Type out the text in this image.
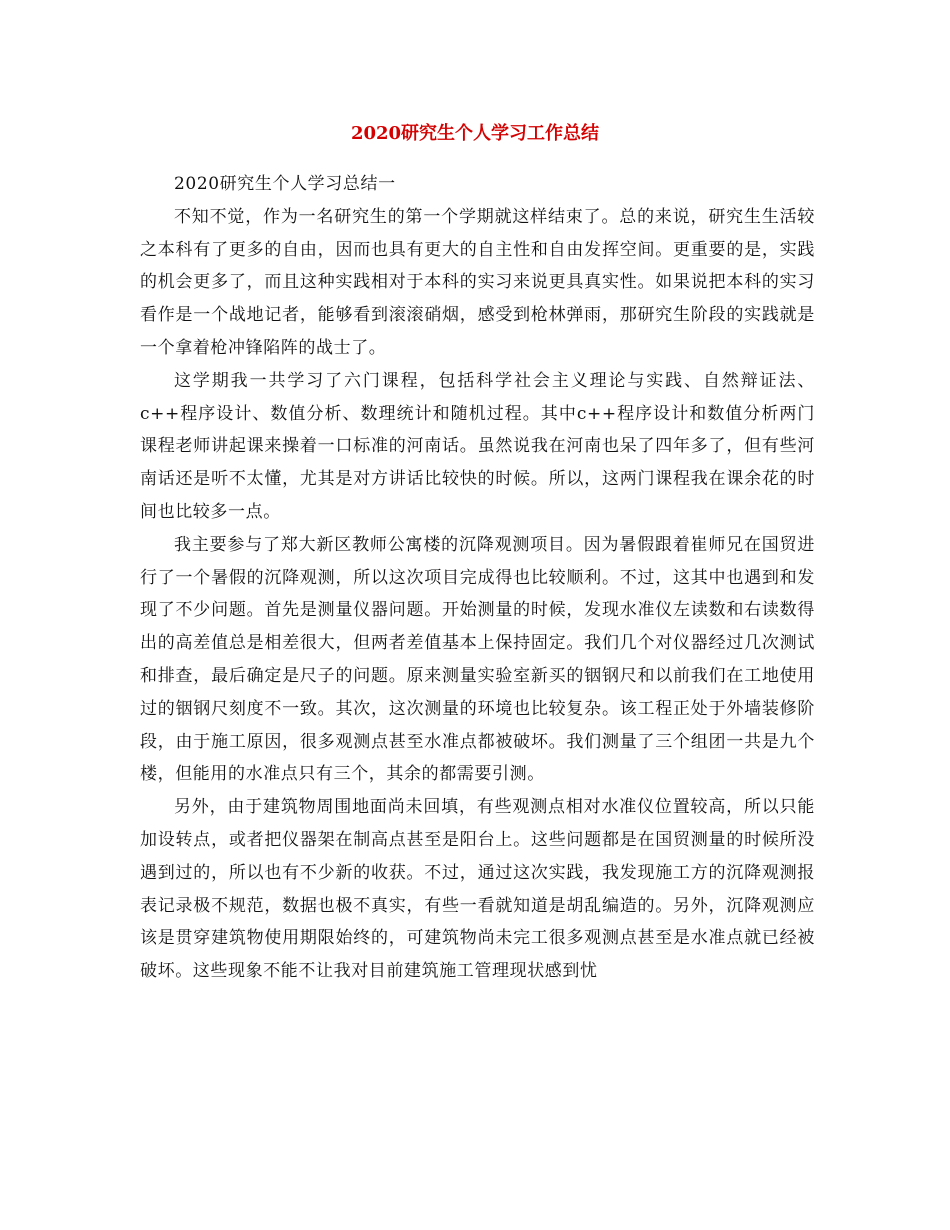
2020研究生个人学习工作总结

2020研究生个人学习总结一

不知不觉，作为一名研究生的第一个学期就这样结束了。总的来说，研究生生活较之本科有了更多的自由，因而也具有更大的自主性和自由发挥空间。更重要的是，实践的机会更多了，而且这种实践相对于本科的实习来说更具真实性。如果说把本科的实习看作是一个战地记者，能够看到滚滚硝烟，感受到枪林弹雨，那研究生阶段的实践就是一个拿着枪冲锋陷阵的战士了。

这学期我一共学习了六门课程，包括科学社会主义理论与实践、自然辩证法、c++程序设计、数值分析、数理统计和随机过程。其中c++程序设计和数值分析两门课程老师讲起课来操着一口标准的河南话。虽然说我在河南也呆了四年多了，但有些河南话还是听不太懂，尤其是对方讲话比较快的时候。所以，这两门课程我在课余花的时间也比较多一点。

我主要参与了郑大新区教师公寓楼的沉降观测项目。因为暑假跟着崔师兄在国贸进行了一个暑假的沉降观测，所以这次项目完成得也比较顺利。不过，这其中也遇到和发现了不少问题。首先是测量仪器问题。开始测量的时候，发现水准仪左读数和右读数得出的高差值总是相差很大，但两者差值基本上保持固定。我们几个对仪器经过几次测试和排查，最后确定是尺子的问题。原来测量实验室新买的铟钢尺和以前我们在工地使用过的铟钢尺刻度不一致。其次，这次测量的环境也比较复杂。该工程正处于外墙装修阶段，由于施工原因，很多观测点甚至水准点都被破坏。我们测量了三个组团一共是九个楼，但能用的水准点只有三个，其余的都需要引测。

另外，由于建筑物周围地面尚未回填，有些观测点相对水准仪位置较高，所以只能加设转点，或者把仪器架在制高点甚至是阳台上。这些问题都是在国贸测量的时候所没遇到过的，所以也有不少新的收获。不过，通过这次实践，我发现施工方的沉降观测报表记录极不规范，数据也极不真实，有些一看就知道是胡乱编造的。另外，沉降观测应该是贯穿建筑物使用期限始终的，可建筑物尚未完工很多观测点甚至是水准点就已经被破坏。这些现象不能不让我对目前建筑施工管理现状感到忧
